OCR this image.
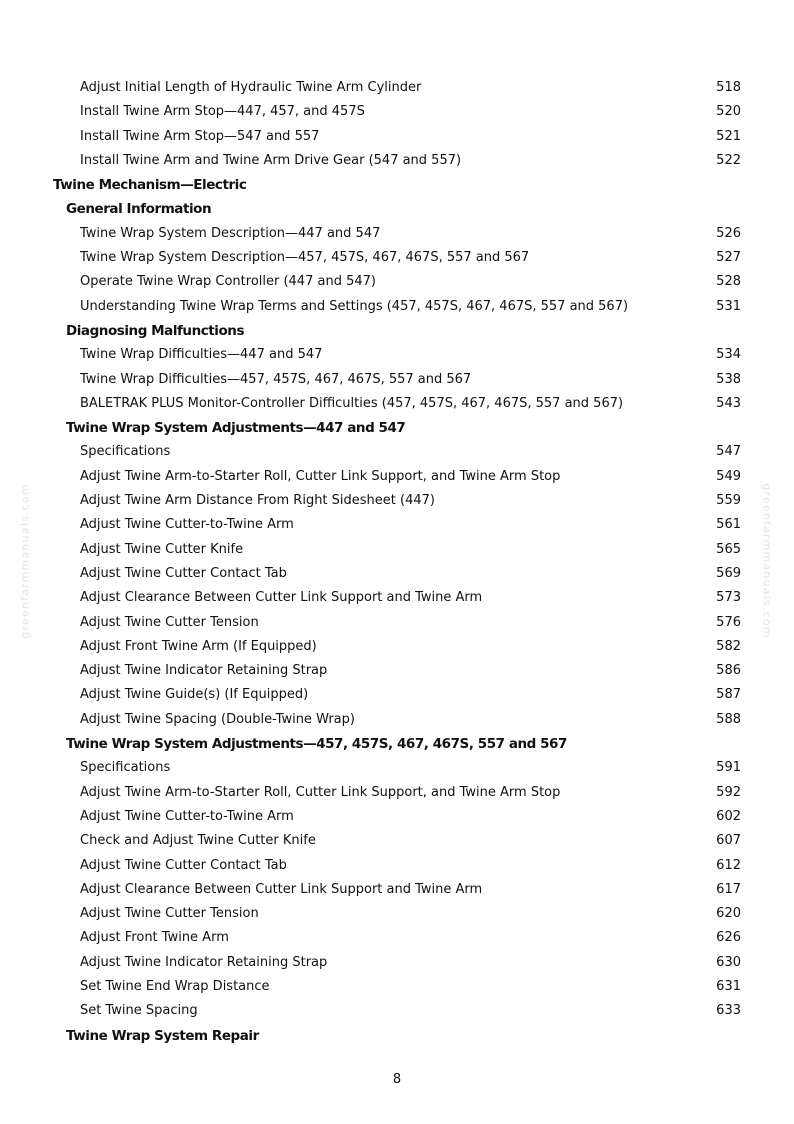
greenfarmmanuals.com	greenfarmmanuals.com
Adjust Initial Length of Hydraulic Twine Arm Cylinder	518
Install Twine Arm Stop—447, 457, and 457S	520
Install Twine Arm Stop—547 and 557	521
Install Twine Arm and Twine Arm Drive Gear (547 and 557)	522
Twine Mechanism—Electric
General Information
Twine Wrap System Description—447 and 547	526
Twine Wrap System Description—457, 457S, 467, 467S, 557 and 567	527
Operate Twine Wrap Controller (447 and 547)	528
Understanding Twine Wrap Terms and Settings (457, 457S, 467, 467S, 557 and 567)	531
Diagnosing Malfunctions
Twine Wrap Difficulties—447 and 547	534
Twine Wrap Difficulties—457, 457S, 467, 467S, 557 and 567	538
BALETRAK PLUS Monitor-Controller Difficulties (457, 457S, 467, 467S, 557 and 567)	543
Twine Wrap System Adjustments—447 and 547
Specifications	547
Adjust Twine Arm-to-Starter Roll, Cutter Link Support, and Twine Arm Stop	549
Adjust Twine Arm Distance From Right Sidesheet (447)	559
Adjust Twine Cutter-to-Twine Arm	561
Adjust Twine Cutter Knife	565
Adjust Twine Cutter Contact Tab	569
Adjust Clearance Between Cutter Link Support and Twine Arm	573
Adjust Twine Cutter Tension	576
Adjust Front Twine Arm (If Equipped)	582
Adjust Twine Indicator Retaining Strap	586
Adjust Twine Guide(s) (If Equipped)	587
Adjust Twine Spacing (Double-Twine Wrap)	588
Twine Wrap System Adjustments—457, 457S, 467, 467S, 557 and 567
Specifications	591
Adjust Twine Arm-to-Starter Roll, Cutter Link Support, and Twine Arm Stop	592
Adjust Twine Cutter-to-Twine Arm	602
Check and Adjust Twine Cutter Knife	607
Adjust Twine Cutter Contact Tab	612
Adjust Clearance Between Cutter Link Support and Twine Arm	617
Adjust Twine Cutter Tension	620
Adjust Front Twine Arm	626
Adjust Twine Indicator Retaining Strap	630
Set Twine End Wrap Distance	631
Set Twine Spacing	633
Twine Wrap System Repair
8
